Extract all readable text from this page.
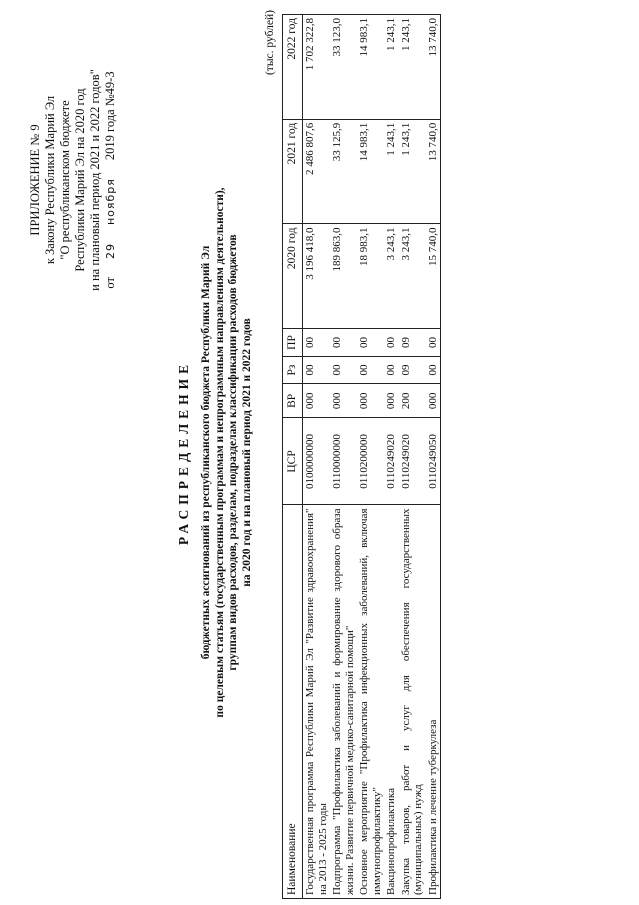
ПРИЛОЖЕНИЕ № 9 к Закону Республики Марий Эл "О республиканском бюджете Республики Марий Эл на 2020 год и на плановый период 2021 и 2022 годов" от
29
ноября
2019 года №49-З
РАСПРЕДЕЛЕНИЕ бюджетных ассигнований из республиканского бюджета Республики Марий Эл по целевым статьям (государственным программам и непрограммным направлениям деятельности), группам видов расходов, разделам, подразделам классификации расходов бюджетов на 2020 год и на плановый период 2021 и 2022 годов
(тыс. рублей)
Наименование	ЦСР	ВР	Рз	ПР	2020 год	2021 год	2022 год
Государственная программа Республики Марий Эл "Развитие здравоохранения" на 2013 - 2025 годы	0100000000	000	00	00	3 196 418,0	2 486 807,6	1 702 322,8
Подпрограмма "Профилактика заболеваний и формирование здорового образа жизни. Развитие первичной медико-санитарной помощи"	0110000000	000	00	00	189 863,0	33 125,9	33 123,0
Основное мероприятие "Профилактика инфекционных заболеваний, включая иммунопрофилактику"	0110200000	000	00	00	18 983,1	14 983,1	14 983,1
Вакцинопрофилактика	0110249020	000	00	00	3 243,1	1 243,1	1 243,1
Закупка товаров, работ и услуг для обеспечения государственных (муниципальных) нужд	0110249020	200	09	09	3 243,1	1 243,1	1 243,1
Профилактика и лечение туберкулеза	0110249050	000	00	00	15 740,0	13 740,0	13 740,0
